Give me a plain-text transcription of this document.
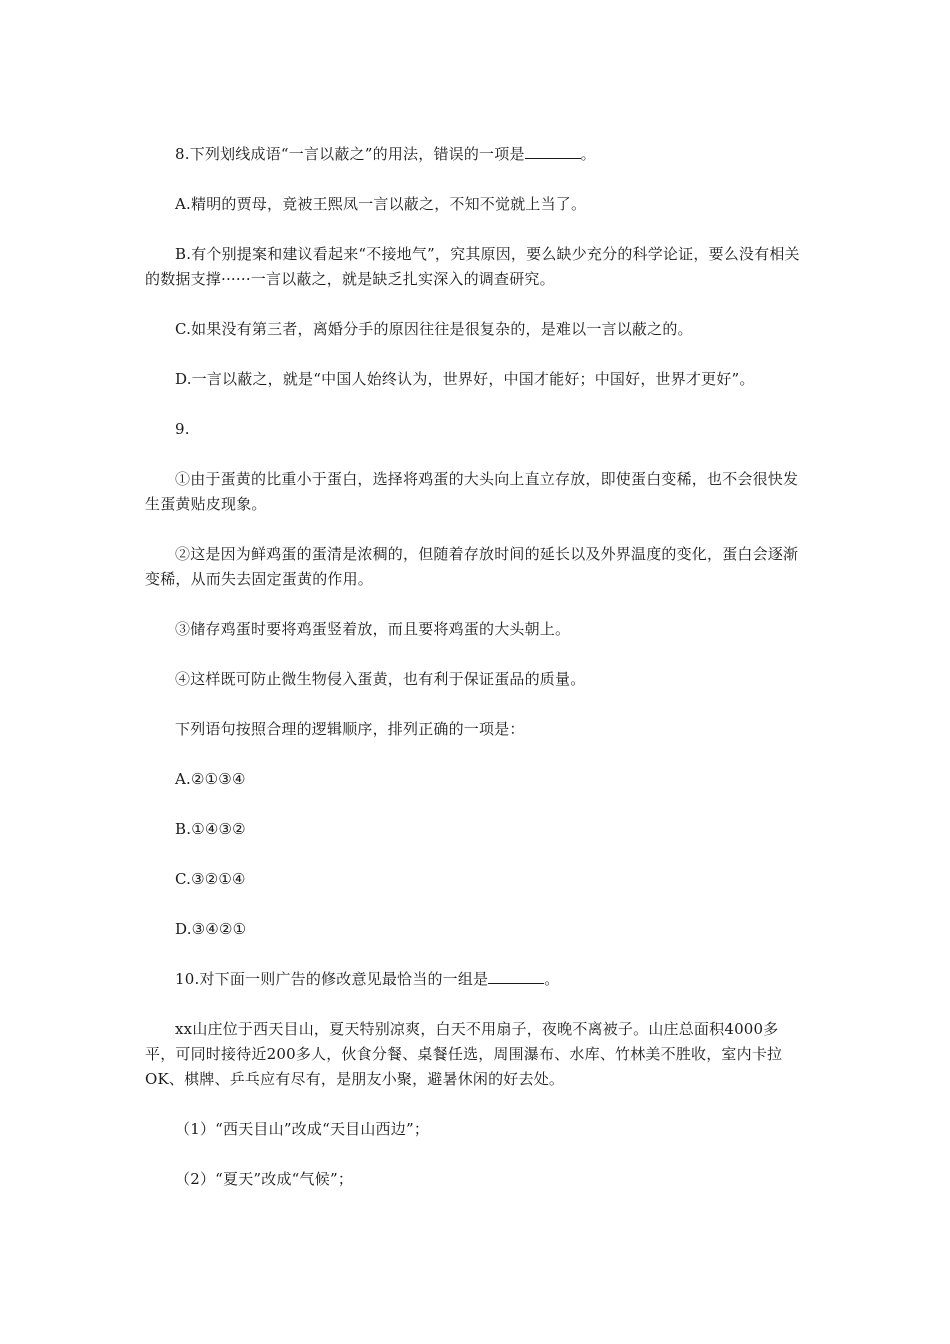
8.下列划线成语“一言以蔽之”的用法，错误的一项是	。

A.精明的贾母，竟被王熙凤一言以蔽之，不知不觉就上当了。

B.有个别提案和建议看起来“不接地气”，究其原因，要么缺少充分的科学论证，要么没有相关的数据支撑······一言以蔽之，就是缺乏扎实深入的调查研究。

C.如果没有第三者，离婚分手的原因往往是很复杂的，是难以一言以蔽之的。

D.一言以蔽之，就是“中国人始终认为，世界好，中国才能好；中国好，世界才更好”。

9.

①由于蛋黄的比重小于蛋白，选择将鸡蛋的大头向上直立存放，即使蛋白变稀，也不会很快发生蛋黄贴皮现象。

②这是因为鲜鸡蛋的蛋清是浓稠的，但随着存放时间的延长以及外界温度的变化，蛋白会逐渐变稀，从而失去固定蛋黄的作用。

③储存鸡蛋时要将鸡蛋竖着放，而且要将鸡蛋的大头朝上。

④这样既可防止微生物侵入蛋黄，也有利于保证蛋品的质量。

下列语句按照合理的逻辑顺序，排列正确的一项是：

A.②①③④

B.①④③②

C.③②①④

D.③④②①

10.对下面一则广告的修改意见最恰当的一组是	。

xx山庄位于西天目山，夏天特别凉爽，白天不用扇子，夜晚不离被子。山庄总面积4000多平，可同时接待近200多人，伙食分餐、桌餐任选，周围瀑布、水库、竹林美不胜收，室内卡拉OK、棋牌、乒乓应有尽有，是朋友小聚，避暑休闲的好去处。

（1）“西天目山”改成“天目山西边”；

（2）“夏天”改成“气候”；
